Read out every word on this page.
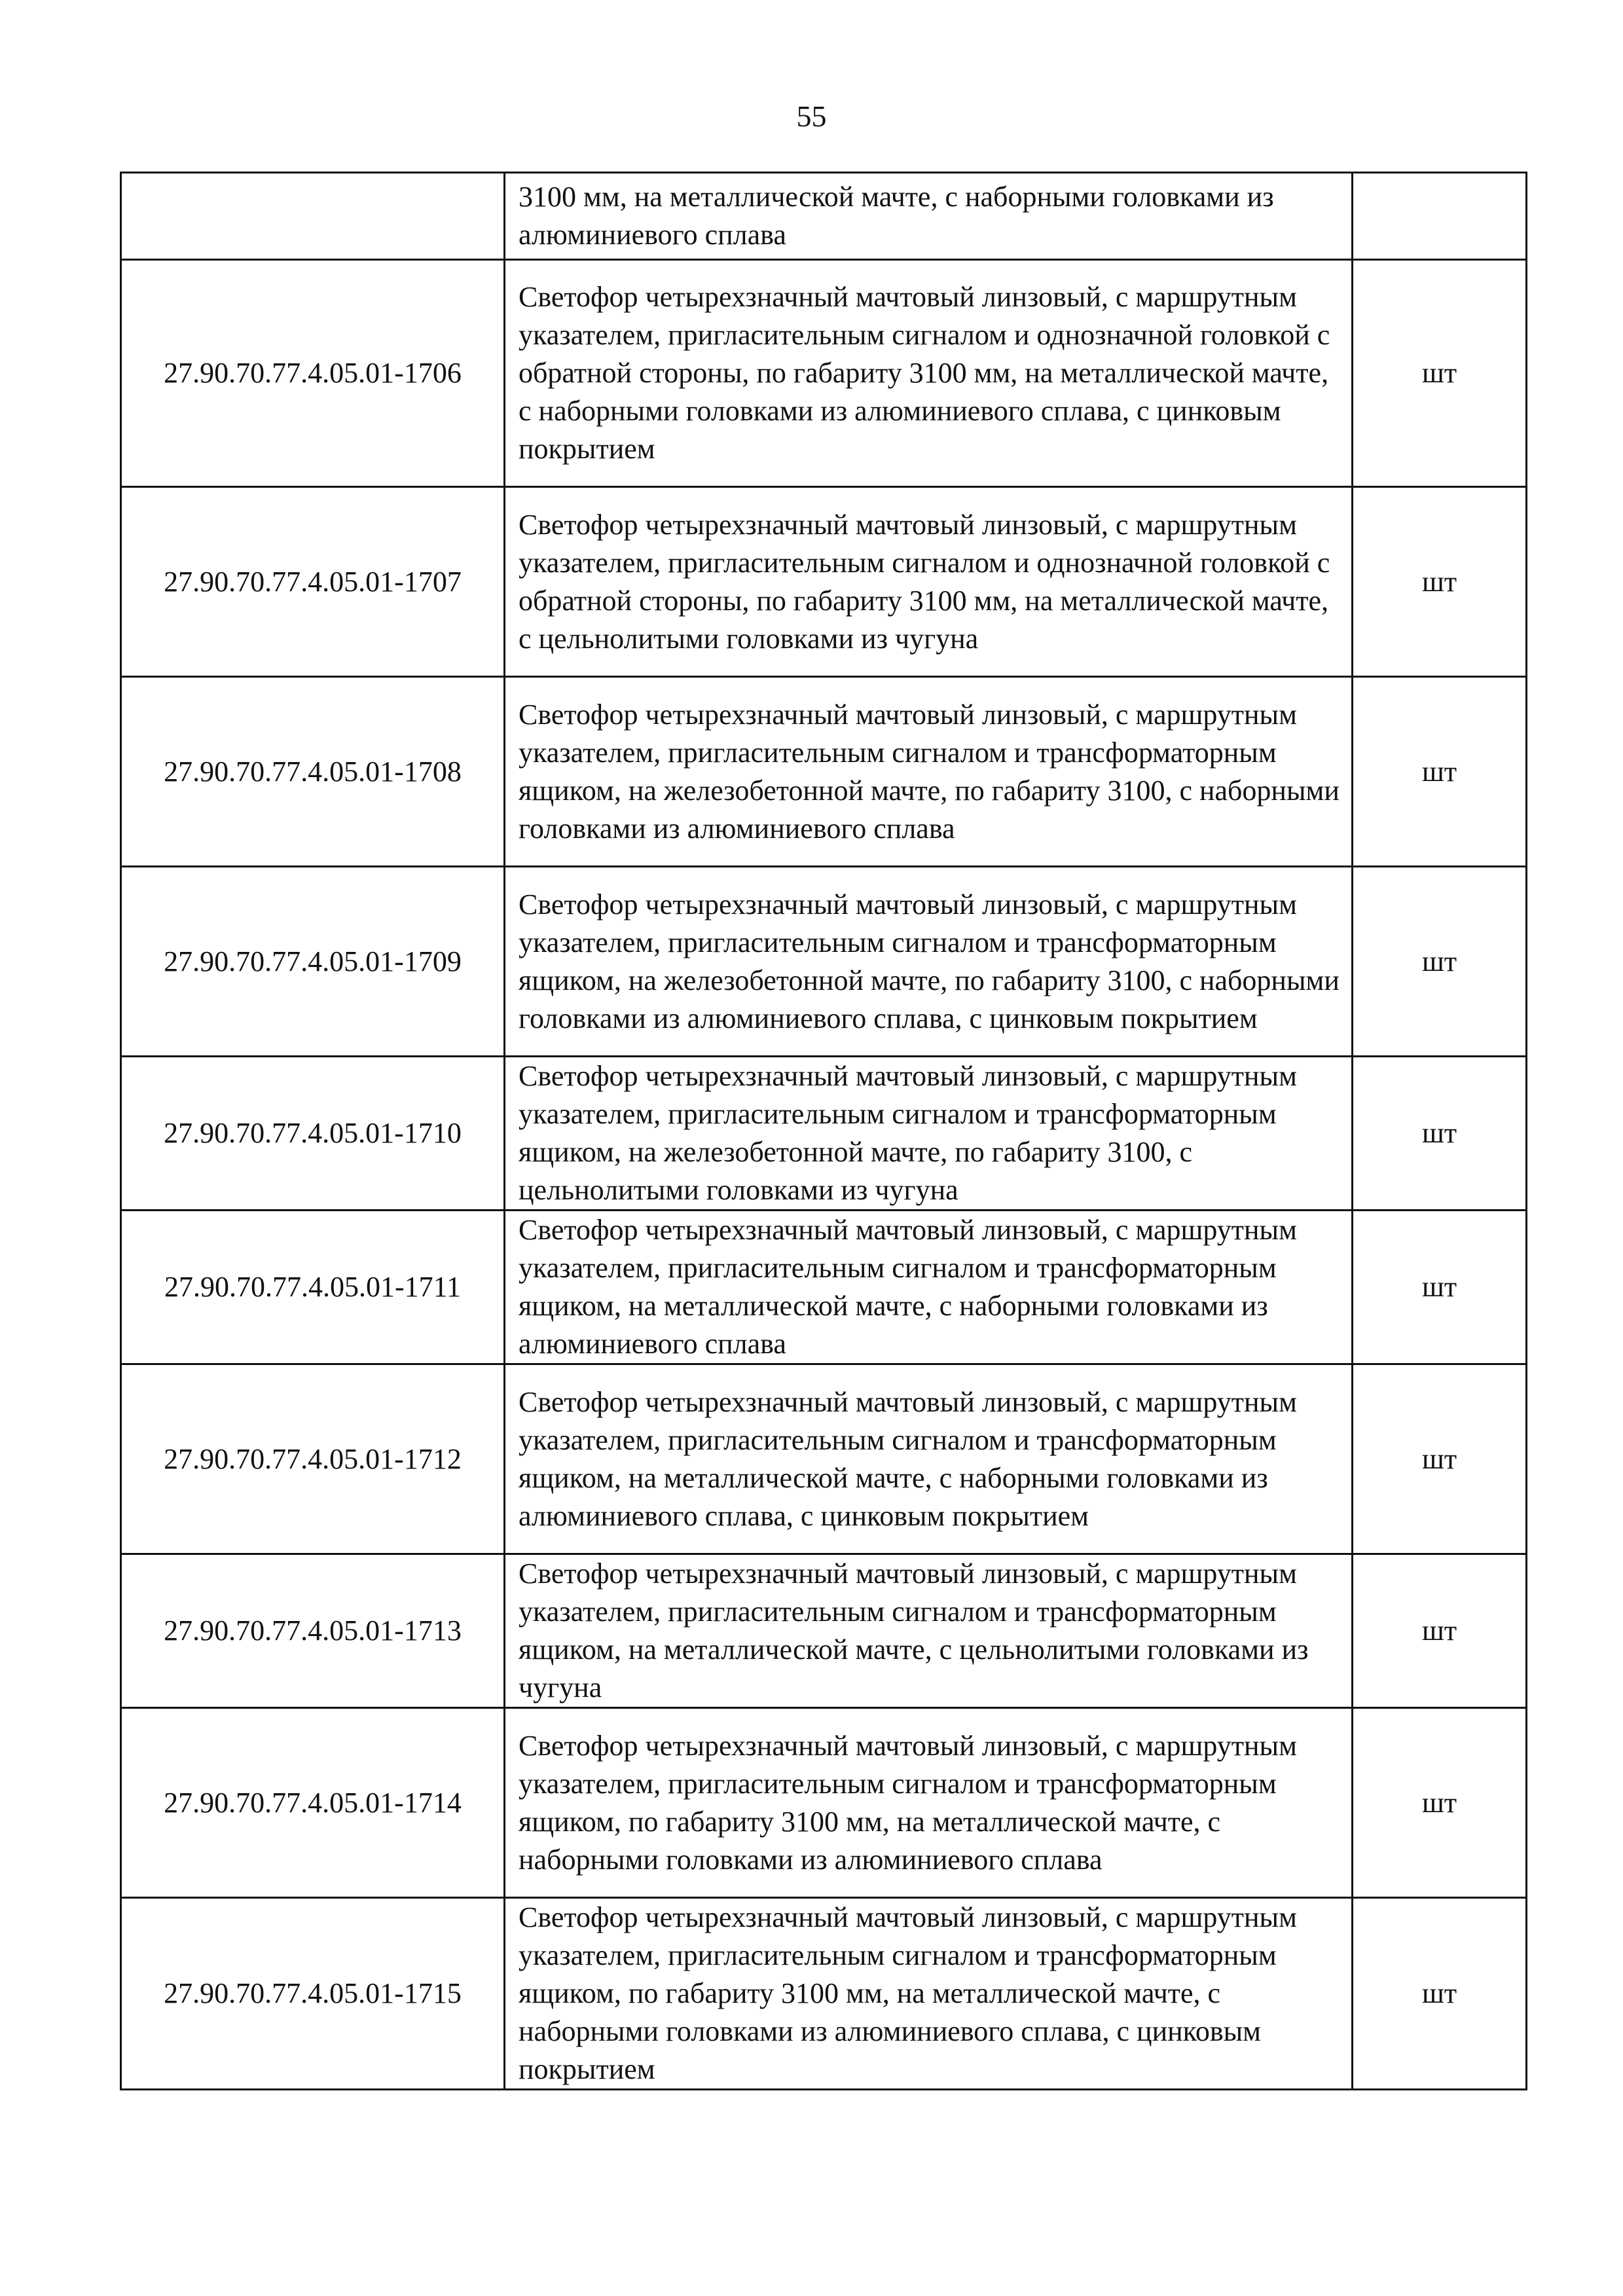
55
	3100 мм, на металлической мачте, с наборными головками из алюминиевого сплава	
27.90.70.77.4.05.01-1706	Светофор четырехзначный мачтовый линзовый, с маршрутным указателем, пригласительным сигналом и однозначной головкой с обратной стороны, по габариту 3100 мм, на металлической мачте, с наборными головками из алюминиевого сплава, с цинковым покрытием	шт
27.90.70.77.4.05.01-1707	Светофор четырехзначный мачтовый линзовый, с маршрутным указателем, пригласительным сигналом и однозначной головкой с обратной стороны, по габариту 3100 мм, на металлической мачте, с цельнолитыми головками из чугуна	шт
27.90.70.77.4.05.01-1708	Светофор четырехзначный мачтовый линзовый, с маршрутным указателем, пригласительным сигналом и трансформаторным ящиком, на железобетонной мачте, по габариту 3100, с наборными головками из алюминиевого сплава	шт
27.90.70.77.4.05.01-1709	Светофор четырехзначный мачтовый линзовый, с маршрутным указателем, пригласительным сигналом и трансформаторным ящиком, на железобетонной мачте, по габариту 3100, с наборными головками из алюминиевого сплава, с цинковым покрытием	шт
27.90.70.77.4.05.01-1710	Светофор четырехзначный мачтовый линзовый, с маршрутным указателем, пригласительным сигналом и трансформаторным ящиком, на железобетонной мачте, по габариту 3100, с цельнолитыми головками из чугуна	шт
27.90.70.77.4.05.01-1711	Светофор четырехзначный мачтовый линзовый, с маршрутным указателем, пригласительным сигналом и трансформаторным ящиком, на металлической мачте, с наборными головками из алюминиевого сплава	шт
27.90.70.77.4.05.01-1712	Светофор четырехзначный мачтовый линзовый, с маршрутным указателем, пригласительным сигналом и трансформаторным ящиком, на металлической мачте, с наборными головками из алюминиевого сплава, с цинковым покрытием	шт
27.90.70.77.4.05.01-1713	Светофор четырехзначный мачтовый линзовый, с маршрутным указателем, пригласительным сигналом и трансформаторным ящиком, на металлической мачте, с цельнолитыми головками из чугуна	шт
27.90.70.77.4.05.01-1714	Светофор четырехзначный мачтовый линзовый, с маршрутным указателем, пригласительным сигналом и трансформаторным ящиком, по габариту 3100 мм, на металлической мачте, с наборными головками из алюминиевого сплава	шт
27.90.70.77.4.05.01-1715	Светофор четырехзначный мачтовый линзовый, с маршрутным указателем, пригласительным сигналом и трансформаторным ящиком, по габариту 3100 мм, на металлической мачте, с наборными головками из алюминиевого сплава, с цинковым покрытием	шт
